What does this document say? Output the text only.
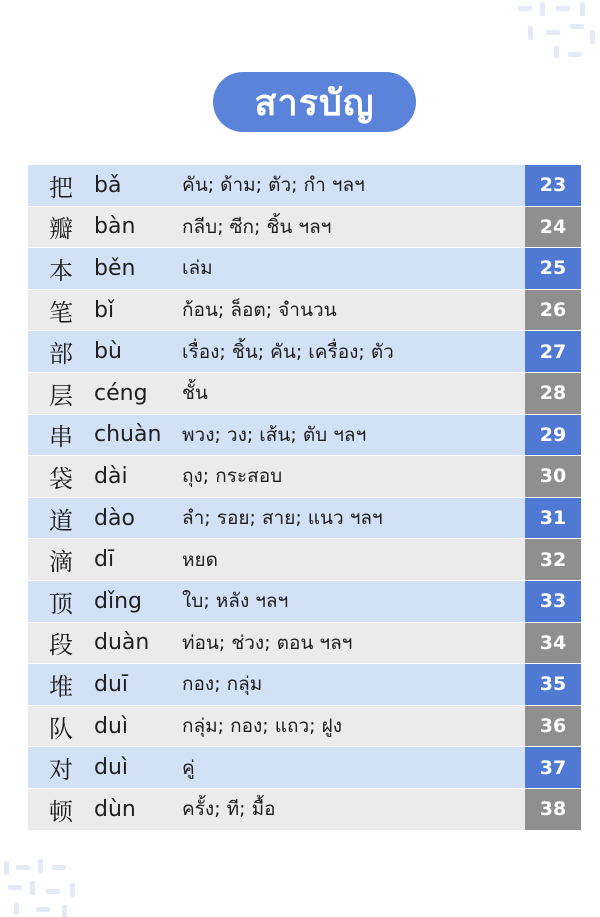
สารบัญ
把 bǎ	คัน; ด้าม; ตัว; กำ ฯลฯ	23
瓣 bàn	กลีบ; ซีก; ชิ้น ฯลฯ	24
本 běn	เล่ม	25
笔 bǐ	ก้อน; ล็อต; จำนวน	26
部 bù	เรื่อง; ชิ้น; คัน; เครื่อง; ตัว	27
层 céng	ชั้น	28
串 chuàn	พวง; วง; เส้น; ตับ ฯลฯ	29
袋 dài	ถุง; กระสอบ	30
道 dào	ลำ; รอย; สาย; แนว ฯลฯ	31
滴 dī	หยด	32
顶 dǐng	ใบ; หลัง ฯลฯ	33
段 duàn	ท่อน; ช่วง; ตอน ฯลฯ	34
堆 duī	กอง; กลุ่ม	35
队 duì	กลุ่ม; กอง; แถว; ฝูง	36
对 duì	คู่	37
顿 dùn	ครั้ง; ที; มื้อ	38
